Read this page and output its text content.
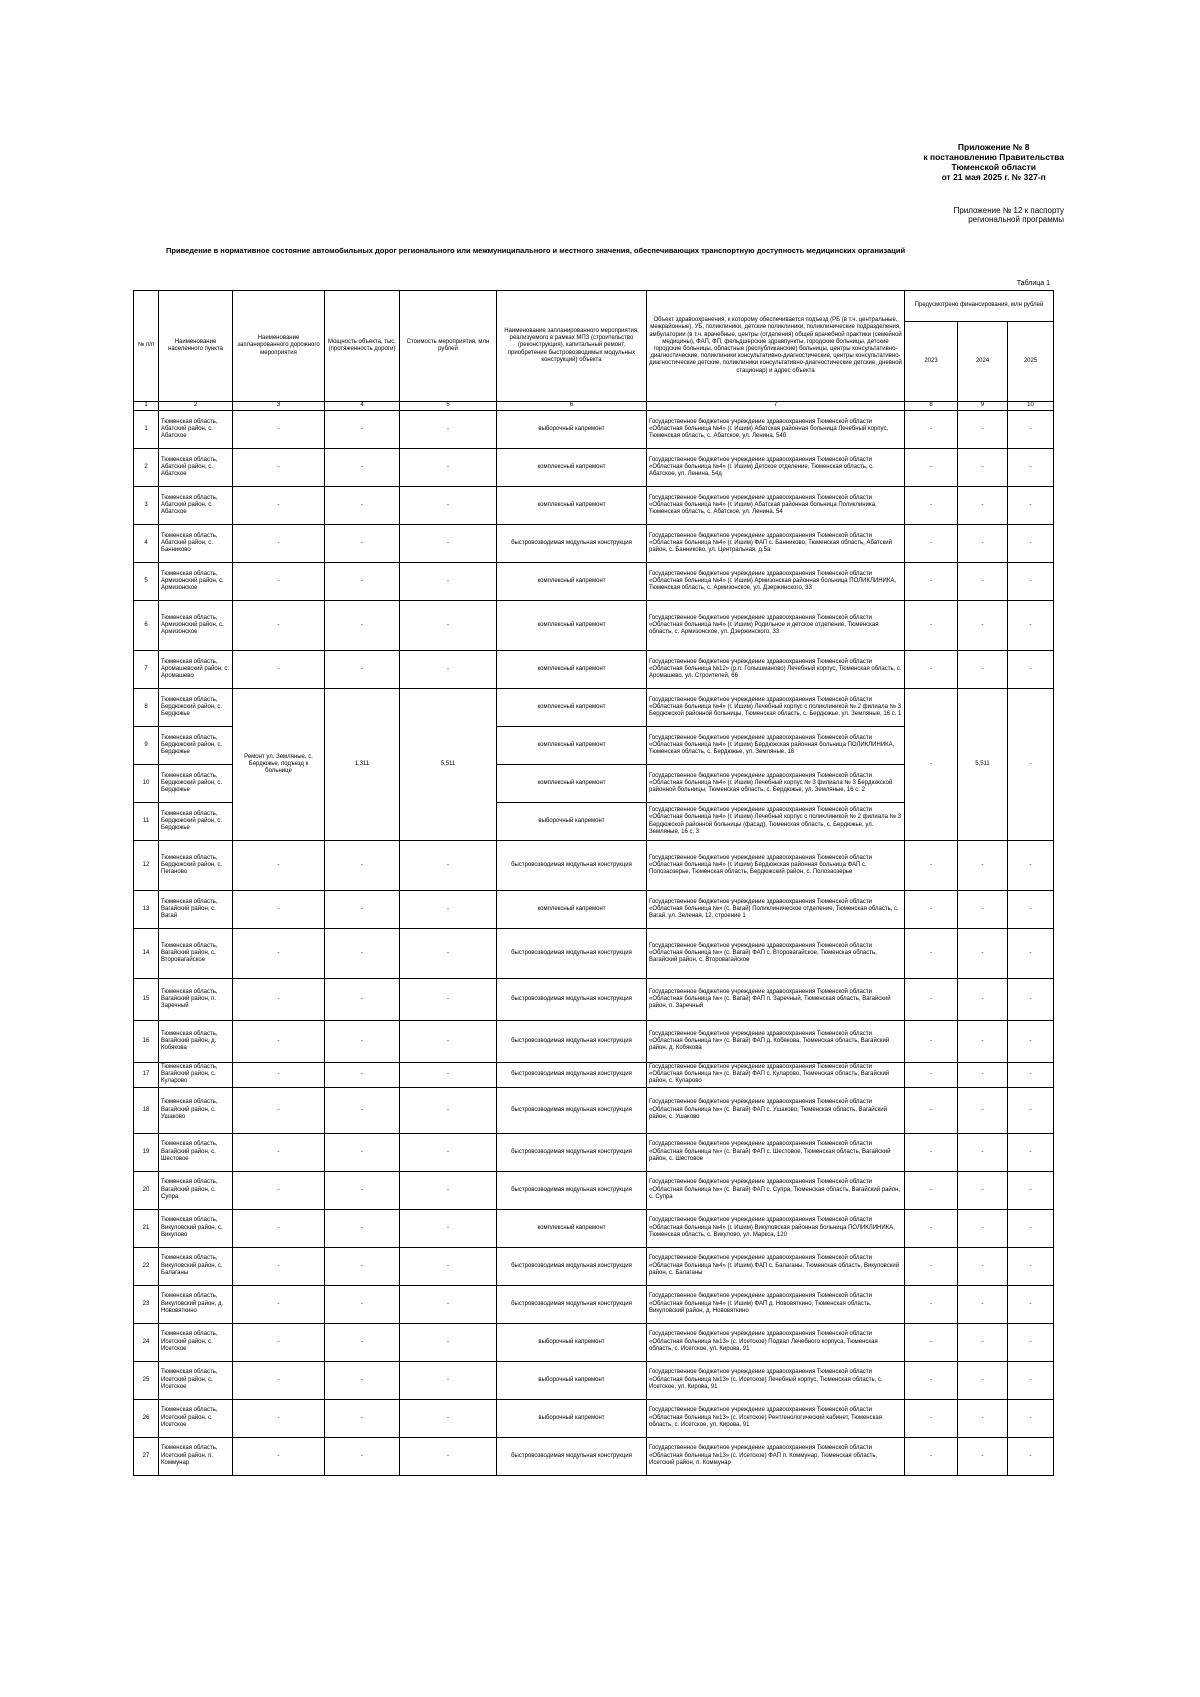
Приложение № 8
к постановлению Правительства
Тюменской области
от 21 мая 2025 г. № 327-п
Приложение № 12 к паспорту
региональной программы
Приведение в нормативное состояние автомобильных дорог регионального или межмуниципального и местного значения, обеспечивающих транспортную доступность медицинских организаций
Таблица 1
№ п/п	Наименование населенного пункта	Наименование запланированного дорожного мероприятия	Мощность объекта, тыс. (протяженность дороги)	Стоимость мероприятия, млн рублей	Наименование запланированного мероприятия, реализуемого в рамках МПЗ (строительство (реконструкция), капитальный ремонт, приобретение быстровозводимых модульных конструкций) объекта	Объект здравоохранения, к которому обеспечивается подъезд (РБ (в т.ч. центральные, межрайонные), УБ, поликлиники, детские поликлиники, поликлинические подразделения, амбулатории (в т.ч. врачебные, центры (отделения) общей врачебной практики (семейной медицины), ФАП, ФП, фельдшерские здравпункты, городские больницы, детские городские больницы, областные (республиканские) больницы, центры консультативно-диагностические, поликлиники консультативно-диагностические, центры консультативно-диагностические детские, поликлиники консультативно-диагностические детские, дневной стационар) и адрес объекта	Предусмотрено финансирования, млн рублей		
							2023	2024	2025
1	2	3	4	5	6	7	8	9	10
1	Тюменская область, Абатский район, с. Абатское	-	-	-	выборочный капремонт	Государственное бюджетное учреждение здравоохранения Тюменской области «Областная больница №4» (г. Ишим) Абатская районная больница Лечебный корпус, Тюменская область, с. Абатское, ул. Ленина, 54б	-	-	-
2	Тюменская область, Абатский район, с. Абатское	-	-	-	комплексный капремонт	Государственное бюджетное учреждение здравоохранения Тюменской области «Областная больница №4» (г. Ишим) Детское отделение, Тюменская область, с. Абатское, ул. Ленина, 54д	-	-	-
3	Тюменская область, Абатский район, с. Абатское	-	-	-	комплексный капремонт	Государственное бюджетное учреждение здравоохранения Тюменской области «Областная больница №4» (г. Ишим) Абатская районная больница Поликлиника, Тюменская область, с. Абатское, ул. Ленина, 54	-	-	-
4	Тюменская область, Абатский район, с. Банниково	-	-	-	быстровозводимая модульная конструкция	Государственное бюджетное учреждение здравоохранения Тюменской области «Областная больница №4» (г. Ишим) ФАП с. Банниково, Тюменская область, Абатский район, с. Банниково, ул. Центральная, д.5а	-	-	-
5	Тюменская область, Армизонский район, с. Армизонское	-	-	-	комплексный капремонт	Государственное бюджетное учреждение здравоохранения Тюменской области «Областная больница №4» (г. Ишим) Армизонская районная больница ПОЛИКЛИНИКА, Тюменская область, с. Армизонское, ул. Дзержинского, 33	-	-	-
6	Тюменская область, Армизонский район, с. Армизонское	-	-	-	комплексный капремонт	Государственное бюджетное учреждение здравоохранения Тюменской области «Областная больница №4» (г. Ишим) Родильное и детское отделение, Тюменская область, с. Армизонское, ул. Дзержинского, 33	-	-	-
7	Тюменская область, Аромашевский район, с. Аромашево	-	-	-	комплексный капремонт	Государственное бюджетное учреждение здравоохранения Тюменской области «Областная больница №12» (р.п. Голышманово) Лечебный корпус, Тюменская область, с. Аромашево, ул. Строителей, 66	-	-	-
8	Тюменская область, Бердюжский район, с. Бердюжье	Ремонт ул. Земляные, с. Бердюжье, подъезд к больнице	1,311	5,511	комплексный капремонт	Государственное бюджетное учреждение здравоохранения Тюменской области «Областная больница №4» (г. Ишим) Лечебный корпус с поликлиникой № 2 филиала № 3 Бердюжской районной больницы, Тюменская область, с. Бердюжье, ул. Земляные, 16 с. 1	-	5,511	-
9	Тюменская область, Бердюжский район, с. Бердюжье				комплексный капремонт	Государственное бюджетное учреждение здравоохранения Тюменской области «Областная больница №4» (г. Ишим) Бердюжская районная больница ПОЛИКЛИНИКА, Тюменская область, с. Бердюжье, ул. Земляные, 16			
10	Тюменская область, Бердюжский район, с. Бердюжье				комплексный капремонт	Государственное бюджетное учреждение здравоохранения Тюменской области «Областная больница №4» (г. Ишим) Лечебный корпус № 3 филиала № 3 Бердюжской районной больницы, Тюменская область, с. Бердюжье, ул. Земляные, 16 с. 2			
11	Тюменская область, Бердюжский район, с. Бердюжье				выборочный капремонт	Государственное бюджетное учреждение здравоохранения Тюменской области «Областная больница №4» (г. Ишим) Лечебный корпус с поликлиникой № 2 филиала № 3 Бердюжской районной больницы (фасад), Тюменская область, с. Бердюжье, ул. Земляные, 16 с. 3			
12	Тюменская область, Бердюжский район, с. Пеганово	-	-	-	быстровозводимая модульная конструкция	Государственное бюджетное учреждение здравоохранения Тюменской области «Областная больница №4» (г. Ишим) Бердюжская районная больница ФАП с. Полозаозерье, Тюменская область, Бердюжский район, с. Полозаозерье	-	-	-
13	Тюменская область, Вагайский район, с. Вагай	-	-	-	комплексный капремонт	Государственное бюджетное учреждение здравоохранения Тюменской области «Областная больница №» (с. Вагай) Поликлиническое отделение, Тюменская область, с. Вагай, ул. Зеленая, 12, строение 1	-	-	-
14	Тюменская область, Вагайский район, с. Второвагайское	-	-	-	быстровозводимая модульная конструкция	Государственное бюджетное учреждение здравоохранения Тюменской области «Областная больница №» (с. Вагай) ФАП с. Второвагайское, Тюменская область, Вагайский район, с. Второвагайское	-	-	-
15	Тюменская область, Вагайский район, п. Заречный	-	-	-	быстровозводимая модульная конструкция	Государственное бюджетное учреждение здравоохранения Тюменской области «Областная больница №» (с. Вагай) ФАП п. Заречный, Тюменская область, Вагайский район, п. Заречный	-	-	-
16	Тюменская область, Вагайский район, д. Кобякова	-	-	-	быстровозводимая модульная конструкция	Государственное бюджетное учреждение здравоохранения Тюменской области «Областная больница №» (с. Вагай) ФАП д. Кобякова, Тюменская область, Вагайский район, д. Кобякова	-	-	-
17	Тюменская область, Вагайский район, с. Куларово	-	-	-	быстровозводимая модульная конструкция	Государственное бюджетное учреждение здравоохранения Тюменской области «Областная больница №» (с. Вагай) ФАП с. Куларово, Тюменская область, Вагайский район, с. Куларово	-	-	-
18	Тюменская область, Вагайский район, с. Ушаково	-	-	-	быстровозводимая модульная конструкция	Государственное бюджетное учреждение здравоохранения Тюменской области «Областная больница №» (с. Вагай) ФАП с. Ушаково, Тюменская область, Вагайский район, с. Ушаково	-	-	-
19	Тюменская область, Вагайский район, с. Шестовое	-	-	-	быстровозводимая модульная конструкция	Государственное бюджетное учреждение здравоохранения Тюменской области «Областная больница №» (с. Вагай) ФАП с. Шестовое, Тюменская область, Вагайский район, с. Шестовое	-	-	-
20	Тюменская область, Вагайский район, с. Супра	-	-	-	быстровозводимая модульная конструкция	Государственное бюджетное учреждение здравоохранения Тюменской области «Областная больница №» (с. Вагай) ФАП с. Супра, Тюменская область, Вагайский район, с. Супра	-	-	-
21	Тюменская область, Викуловский район, с. Викулово	-	-	-	комплексный капремонт	Государственное бюджетное учреждение здравоохранения Тюменской области «Областная больница №4» (г. Ишим) Викуловская районная больница ПОЛИКЛИНИКА, Тюменская область, с. Викулово, ул. Маркса, 120	-	-	-
22	Тюменская область, Викуловский район, с. Балаганы	-	-	-	быстровозводимая модульная конструкция	Государственное бюджетное учреждение здравоохранения Тюменской области «Областная больница №4» (г. Ишим) ФАП с. Балаганы, Тюменская область, Викуловский район, с. Балаганы	-	-	-
23	Тюменская область, Викуловский район, д. Нововяткино	-	-	-	быстровозводимая модульная конструкция	Государственное бюджетное учреждение здравоохранения Тюменской области «Областная больница №4» (г. Ишим) ФАП д. Нововяткино, Тюменская область, Викуловский район, д. Нововяткино	-	-	-
24	Тюменская область, Исетский район, с. Исетское	-	-	-	выборочный капремонт	Государственное бюджетное учреждение здравоохранения Тюменской области «Областная больница №13» (с. Исетское) Подвал Лечебного корпуса, Тюменская область, с. Исетское, ул. Кирова, 91	-	-	-
25	Тюменская область, Исетский район, с. Исетское	-	-	-	выборочный капремонт	Государственное бюджетное учреждение здравоохранения Тюменской области «Областная больница №13» (с. Исетское) Лечебный корпус, Тюменская область, с. Исетское, ул. Кирова, 91	-	-	-
26	Тюменская область, Исетский район, с. Исетское	-	-	-	выборочный капремонт	Государственное бюджетное учреждение здравоохранения Тюменской области «Областная больница №13» (с. Исетское) Рентгенологический кабинет, Тюменская область, с. Исетское, ул. Кирова, 91	-	-	-
27	Тюменская область, Исетский район, п. Коммунар	-	-	-	быстровозводимая модульная конструкция	Государственное бюджетное учреждение здравоохранения Тюменской области «Областная больница №13» (с. Исетское) ФАП п. Коммунар, Тюменская область, Исетский район, п. Коммунар	-	-	-
